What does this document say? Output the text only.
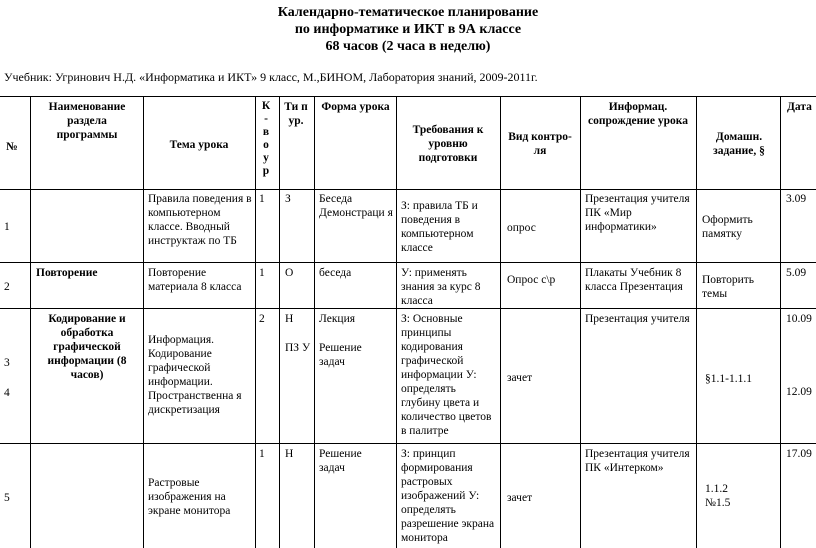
Календарно-тематическое планирование
по информатике и ИКТ в 9А классе
68 часов (2 часа в неделю)
Учебник: Угринович Н.Д. «Информатика и ИКТ» 9 класс, М.,БИНОМ, Лаборатория знаний, 2009-2011г.
№
Наименование раздела программы
Тема урока
К - в о у р
Ти п ур.
Форма урока
Требования к уровню подготовки
Вид контро-ля
Информац. сопрождение урока
Домашн. задание, §
Дата
1
Правила поведения в компьютерном классе. Вводный инструктаж по ТБ
1 З Беседа Демонстраци я
З: правила ТБ и поведения в компьютерном классе
опрос
Презентация учителя ПК «Мир информатики»
Оформить памятку
3.09
2
Повторение	Повторение материала 8 класса
1 О беседа	У: применять знания за курс 8 класса
Опрос с\р
Плакаты Учебник 8 класса Презентация
Повторить темы
5.09
3
4
Кодирование и обработка графической информации (8 часов)
Информация. Кодирование графической информации. Пространственна я дискретизация
2 Н
ПЗ У
Лекция
Решение задач
З: Основные принципы кодирования графической информации У: определять глубину цвета и количество цветов в палитре
зачет
Презентация учителя
§1.1-1.1.1
10.09
12.09
5
Растровые изображения на экране монитора
1 Н Решение задач
З: принцип формирования растровых изображений У: определять разрешение экрана монитора
зачет
Презентация учителя ПК «Интерком»
1.1.2 №1.5
17.09
